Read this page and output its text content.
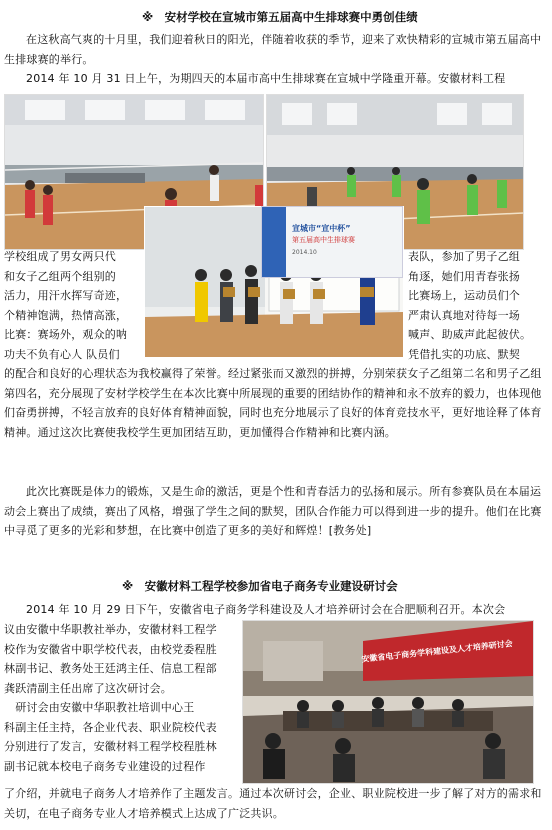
※　安材学校在宣城市第五届高中生排球赛中勇创佳绩
在这秋高气爽的十月里，我们迎着秋日的阳光，伴随着收获的季节，迎来了欢快精彩的宣城市第五届高中生排球赛的举行。
2014 年 10 月 31 日上午，为期四天的本届市高中生排球赛在宣城中学隆重开幕。安徽材料工程
宣城市“宣中杯”
第五届高中生排球赛
2014.10
学校组成了男女两只代
和女子乙组两个组别的
活力，用汗水挥写奇迹，
个精神饱满，热情高涨，
比赛：赛场外，观众的呐
功夫不负有心人 队员们
表队，参加了男子乙组
角逐，她们用青春张扬
比赛场上，运动员们个
严肃认真地对待每一场
喊声、助威声此起彼伏。
凭借扎实的功底、默契
的配合和良好的心理状态为我校赢得了荣誉。经过紧张而又激烈的拼搏，分别荣获女子乙组第二名和男子乙组第四名，充分展现了安材学校学生在本次比赛中所展现的重要的团结协作的精神和永不放弃的毅力，也体现他们奋勇拼搏，不轻言放弃的良好体育精神面貌，同时也充分地展示了良好的体育竞技水平，更好地诠释了体育精神。通过这次比赛使我校学生更加团结互助，更加懂得合作精神和比赛内涵。
此次比赛既是体力的锻炼，又是生命的激活，更是个性和青春活力的弘扬和展示。所有参赛队员在本届运动会上赛出了成绩，赛出了风格，增强了学生之间的默契，团队合作能力可以得到进一步的提升。他们在比赛中寻觅了更多的光彩和梦想，在比赛中创造了更多的美好和辉煌！[教务处]
※　安徽材料工程学校参加省电子商务专业建设研讨会
2014 年 10 月 29 日下午，安徽省电子商务学科建设及人才培养研讨会在合肥顺利召开。本次会
议由安徽中华职教社举办，安徽材料工程学
校作为安徽省中职学校代表，由校党委程胜
林副书记、教务处王廷鸿主任、信息工程部
龚跃清副主任出席了这次研讨会。
　研讨会由安徽中华职教社培训中心王
科副主任主持，各企业代表、职业院校代表
分别进行了发言，安徽材料工程学校程胜林
副书记就本校电子商务专业建设的过程作
安徽省电子商务学科建设及人才培养研讨会
了介绍，并就电子商务人才培养作了主题发言。通过本次研讨会，企业、职业院校进一步了解了对方的需求和关切，在电子商务专业人才培养模式上达成了广泛共识。
